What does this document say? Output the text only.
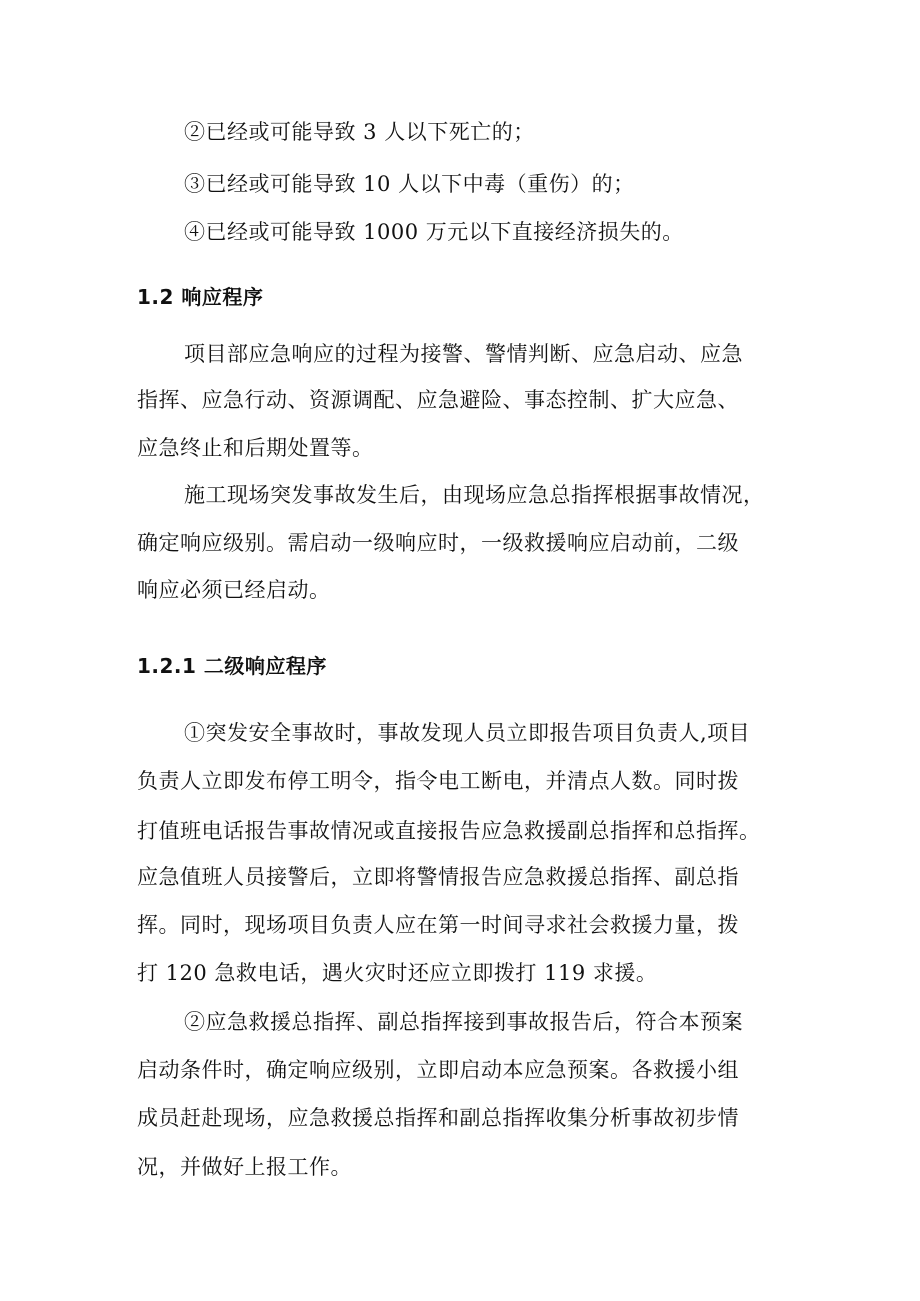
②已经或可能导致 3 人以下死亡的；
③已经或可能导致 10 人以下中毒（重伤）的；
④已经或可能导致 1000 万元以下直接经济损失的。
1.2 响应程序
项目部应急响应的过程为接警、警情判断、应急启动、应急
指挥、应急行动、资源调配、应急避险、事态控制、扩大应急、
应急终止和后期处置等。
施工现场突发事故发生后，由现场应急总指挥根据事故情况，
确定响应级别。需启动一级响应时，一级救援响应启动前，二级
响应必须已经启动。
1.2.1 二级响应程序
①突发安全事故时，事故发现人员立即报告项目负责人,项目
负责人立即发布停工明令，指令电工断电，并清点人数。同时拨
打值班电话报告事故情况或直接报告应急救援副总指挥和总指挥。
应急值班人员接警后，立即将警情报告应急救援总指挥、副总指
挥。同时，现场项目负责人应在第一时间寻求社会救援力量，拨
打 120 急救电话，遇火灾时还应立即拨打 119 求援。
②应急救援总指挥、副总指挥接到事故报告后，符合本预案
启动条件时，确定响应级别，立即启动本应急预案。各救援小组
成员赶赴现场，应急救援总指挥和副总指挥收集分析事故初步情
况，并做好上报工作。
